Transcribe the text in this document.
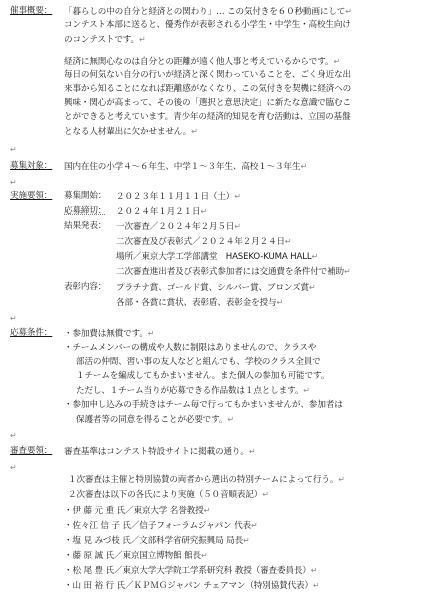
催事概要： 「暮らしの中の自分と経済との関わり」… この気付きを６０秒動画にして↵
コンテスト本部に送ると、優秀作が表彰される小学生・中学生・高校生向け
のコンテストです。↵
経済に無関心なのは自分との距離が遠く他人事と考えているからです。↵
毎日の何気ない自分の行いが経済と深く関わっていることを、ごく身近な出
来事から知ることになれば距離感がなくなり、この気付きを契機に経済への
興味・関心が高まって、その後の「選択と意思決定」に新たな意識で臨むこ
とができると考えています。青少年の経済的知見を育む活動は、立国の基盤
となる人材輩出に欠かせません。↵
↵
募集対象： 国内在住の小学４～６年生、中学１～３年生、高校１～３年生↵
↵
実施要領： 募集開始： ２０２３年１１月１１日（土）↵
応募締切： ２０２４年１月２１日↵
結果発表： 一次審査／２０２４年２月５日↵
二次審査及び表彰式／２０２４年２月２４日↵
場所／東京大学工学部講堂　HASEKO-KUMA HALL↵
二次審査進出者及び表彰式参加者には交通費を条件付で補助↵
表彰内容： プラチナ賞、ゴールド賞、シルバー賞、ブロンズ賞↵
各部・各賞に賞状、表彰盾、表彰金を授与↵
↵
応募条件：
・	参加費は無償です。↵
・ チームメンバーの構成や人数に制限はありませんので、クラスや
部活の仲間、習い事の友人などと組んでも、学校のクラス全員で
１チームを編成してもかまいません。また個人の参加も可能です。
ただし、１チーム当りが応募できる作品数は１点とします。↵
・ 参加申し込みの手続きはチーム毎で行ってもかまいませんが、参加者は
保護者等の同意を得ることが必要です。↵
↵
審査要領： 審査基準はコンテスト特設サイトに掲載の通り。↵
↵
１次審査は主催と特別協賛の両者から選出の特別チームによって行う。↵
２次審査は以下の各氏により実施（５０音順表記）↵
・ 伊 藤 元 重 氏／東京大学 名誉教授↵
・ 佐々江 信 子 氏／信子フォーラムジャパン 代表↵
・ 塩 見 みづ枝 氏／文部科学省研究振興局 局長↵
・ 藤 原 誠 氏／東京国立博物館 館長↵
・ 松 尾 豊 氏／東京大学大学院工学系研究科 教授（審査委員長）↵
・ 山 田 裕 行 氏／ＫＰＭＧジャパン チェアマン（特別協賛代表）↵
